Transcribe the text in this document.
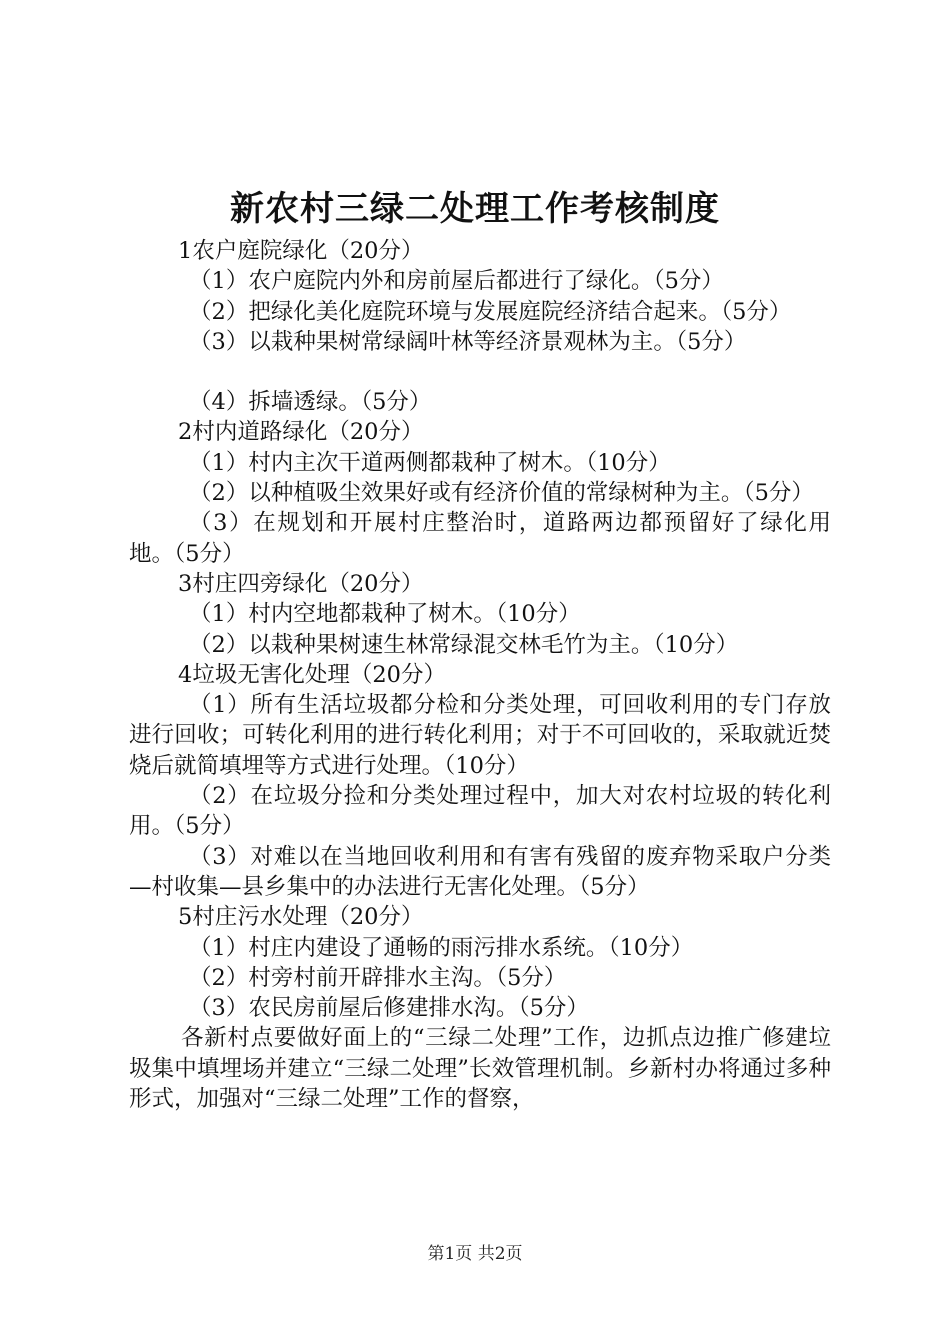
新农村三绿二处理工作考核制度

1农户庭院绿化（20分）

（1）农户庭院内外和房前屋后都进行了绿化。（5分）

（2）把绿化美化庭院环境与发展庭院经济结合起来。（5分）

（3）以栽种果树常绿阔叶林等经济景观林为主。（5分）

（4）拆墙透绿。（5分）

2村内道路绿化（20分）

（1）村内主次干道两侧都栽种了树木。（10分）

（2）以种植吸尘效果好或有经济价值的常绿树种为主。（5分）

（3）在规划和开展村庄整治时，道路两边都预留好了绿化用地。（5分）

3村庄四旁绿化（20分）

（1）村内空地都栽种了树木。（10分）

（2）以栽种果树速生林常绿混交林毛竹为主。（10分）

4垃圾无害化处理（20分）

（1）所有生活垃圾都分检和分类处理，可回收利用的专门存放进行回收；可转化利用的进行转化利用；对于不可回收的，采取就近焚烧后就简填埋等方式进行处理。（10分）

（2）在垃圾分捡和分类处理过程中，加大对农村垃圾的转化利用。（5分）

（3）对难以在当地回收利用和有害有残留的废弃物采取户分类—村收集—县乡集中的办法进行无害化处理。（5分）

5村庄污水处理（20分）

（1）村庄内建设了通畅的雨污排水系统。（10分）

（2）村旁村前开辟排水主沟。（5分）

（3）农民房前屋后修建排水沟。（5分）

各新村点要做好面上的“三绿二处理”工作，边抓点边推广修建垃圾集中填埋场并建立“三绿二处理”长效管理机制。乡新村办将通过多种形式，加强对“三绿二处理”工作的督察，

第1页 共2页
